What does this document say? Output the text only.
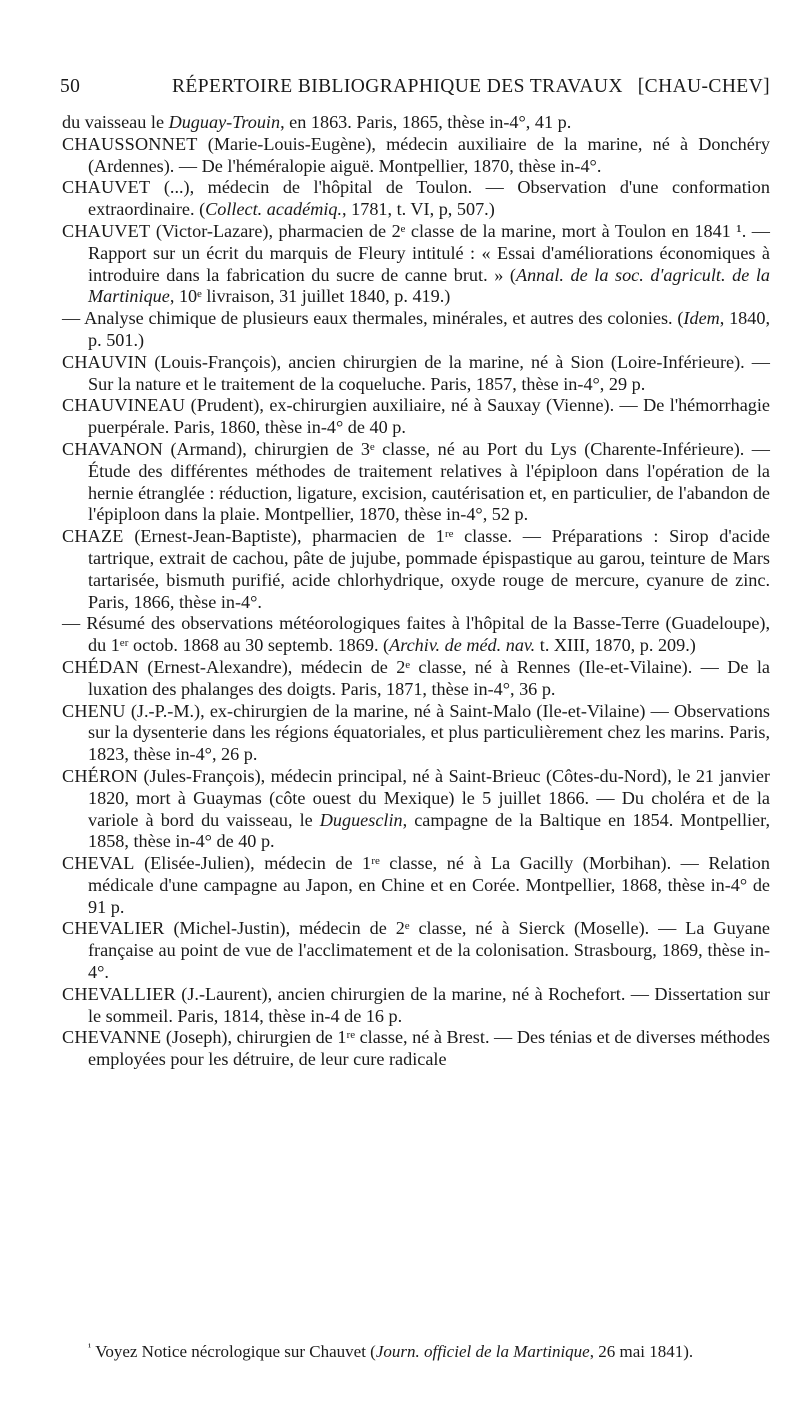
50	RÉPERTOIRE BIBLIOGRAPHIQUE DES TRAVAUX [CHAU-CHEV]

du vaisseau le Duguay-Trouin, en 1863. Paris, 1865, thèse in-4°, 41 p.

CHAUSSONNET (Marie-Louis-Eugène), médecin auxiliaire de la marine, né à Donchéry (Ardennes). — De l'héméralopie aiguë. Montpellier, 1870, thèse in-4°.

CHAUVET (...), médecin de l'hôpital de Toulon. — Observation d'une conformation extraordinaire. (Collect. académiq., 1781, t. VI, p, 507.)

CHAUVET (Victor-Lazare), pharmacien de 2ᵉ classe de la marine, mort à Toulon en 1841 ¹. — Rapport sur un écrit du marquis de Fleury intitulé : « Essai d'améliorations économiques à introduire dans la fabrication du sucre de canne brut. » (Annal. de la soc. d'agricult. de la Martinique, 10ᵉ livraison, 31 juillet 1840, p. 419.)

— Analyse chimique de plusieurs eaux thermales, minérales, et autres des colonies. (Idem, 1840, p. 501.)

CHAUVIN (Louis-François), ancien chirurgien de la marine, né à Sion (Loire-Inférieure). — Sur la nature et le traitement de la coqueluche. Paris, 1857, thèse in-4°, 29 p.

CHAUVINEAU (Prudent), ex-chirurgien auxiliaire, né à Sauxay (Vienne). — De l'hémorrhagie puerpérale. Paris, 1860, thèse in-4° de 40 p.

CHAVANON (Armand), chirurgien de 3ᵉ classe, né au Port du Lys (Charente-Inférieure). — Étude des différentes méthodes de traitement relatives à l'épiploon dans l'opération de la hernie étranglée : réduction, ligature, excision, cautérisation et, en particulier, de l'abandon de l'épiploon dans la plaie. Montpellier, 1870, thèse in-4°, 52 p.

CHAZE (Ernest-Jean-Baptiste), pharmacien de 1ʳᵉ classe. — Préparations : Sirop d'acide tartrique, extrait de cachou, pâte de jujube, pommade épispastique au garou, teinture de Mars tartarisée, bismuth purifié, acide chlorhydrique, oxyde rouge de mercure, cyanure de zinc. Paris, 1866, thèse in-4°.

— Résumé des observations météorologiques faites à l'hôpital de la Basse-Terre (Guadeloupe), du 1ᵉʳ octob. 1868 au 30 septemb. 1869. (Archiv. de méd. nav. t. XIII, 1870, p. 209.)

CHÉDAN (Ernest-Alexandre), médecin de 2ᵉ classe, né à Rennes (Ile-et-Vilaine). — De la luxation des phalanges des doigts. Paris, 1871, thèse in-4°, 36 p.

CHENU (J.-P.-M.), ex-chirurgien de la marine, né à Saint-Malo (Ile-et-Vilaine) — Observations sur la dysenterie dans les régions équatoriales, et plus particulièrement chez les marins. Paris, 1823, thèse in-4°, 26 p.

CHÉRON (Jules-François), médecin principal, né à Saint-Brieuc (Côtes-du-Nord), le 21 janvier 1820, mort à Guaymas (côte ouest du Mexique) le 5 juillet 1866. — Du choléra et de la variole à bord du vaisseau, le Duguesclin, campagne de la Baltique en 1854. Montpellier, 1858, thèse in-4° de 40 p.

CHEVAL (Elisée-Julien), médecin de 1ʳᵉ classe, né à La Gacilly (Morbihan). — Relation médicale d'une campagne au Japon, en Chine et en Corée. Montpellier, 1868, thèse in-4° de 91 p.

CHEVALIER (Michel-Justin), médecin de 2ᵉ classe, né à Sierck (Moselle). — La Guyane française au point de vue de l'acclimatement et de la colonisation. Strasbourg, 1869, thèse in-4°.

CHEVALLIER (J.-Laurent), ancien chirurgien de la marine, né à Rochefort. — Dissertation sur le sommeil. Paris, 1814, thèse in-4 de 16 p.

CHEVANNE (Joseph), chirurgien de 1ʳᵉ classe, né à Brest. — Des ténias et de diverses méthodes employées pour les détruire, de leur cure radicale

$^{^1}$ Voyez Notice nécrologique sur Chauvet (Journ. officiel de la Martinique, 26 mai 1841).
